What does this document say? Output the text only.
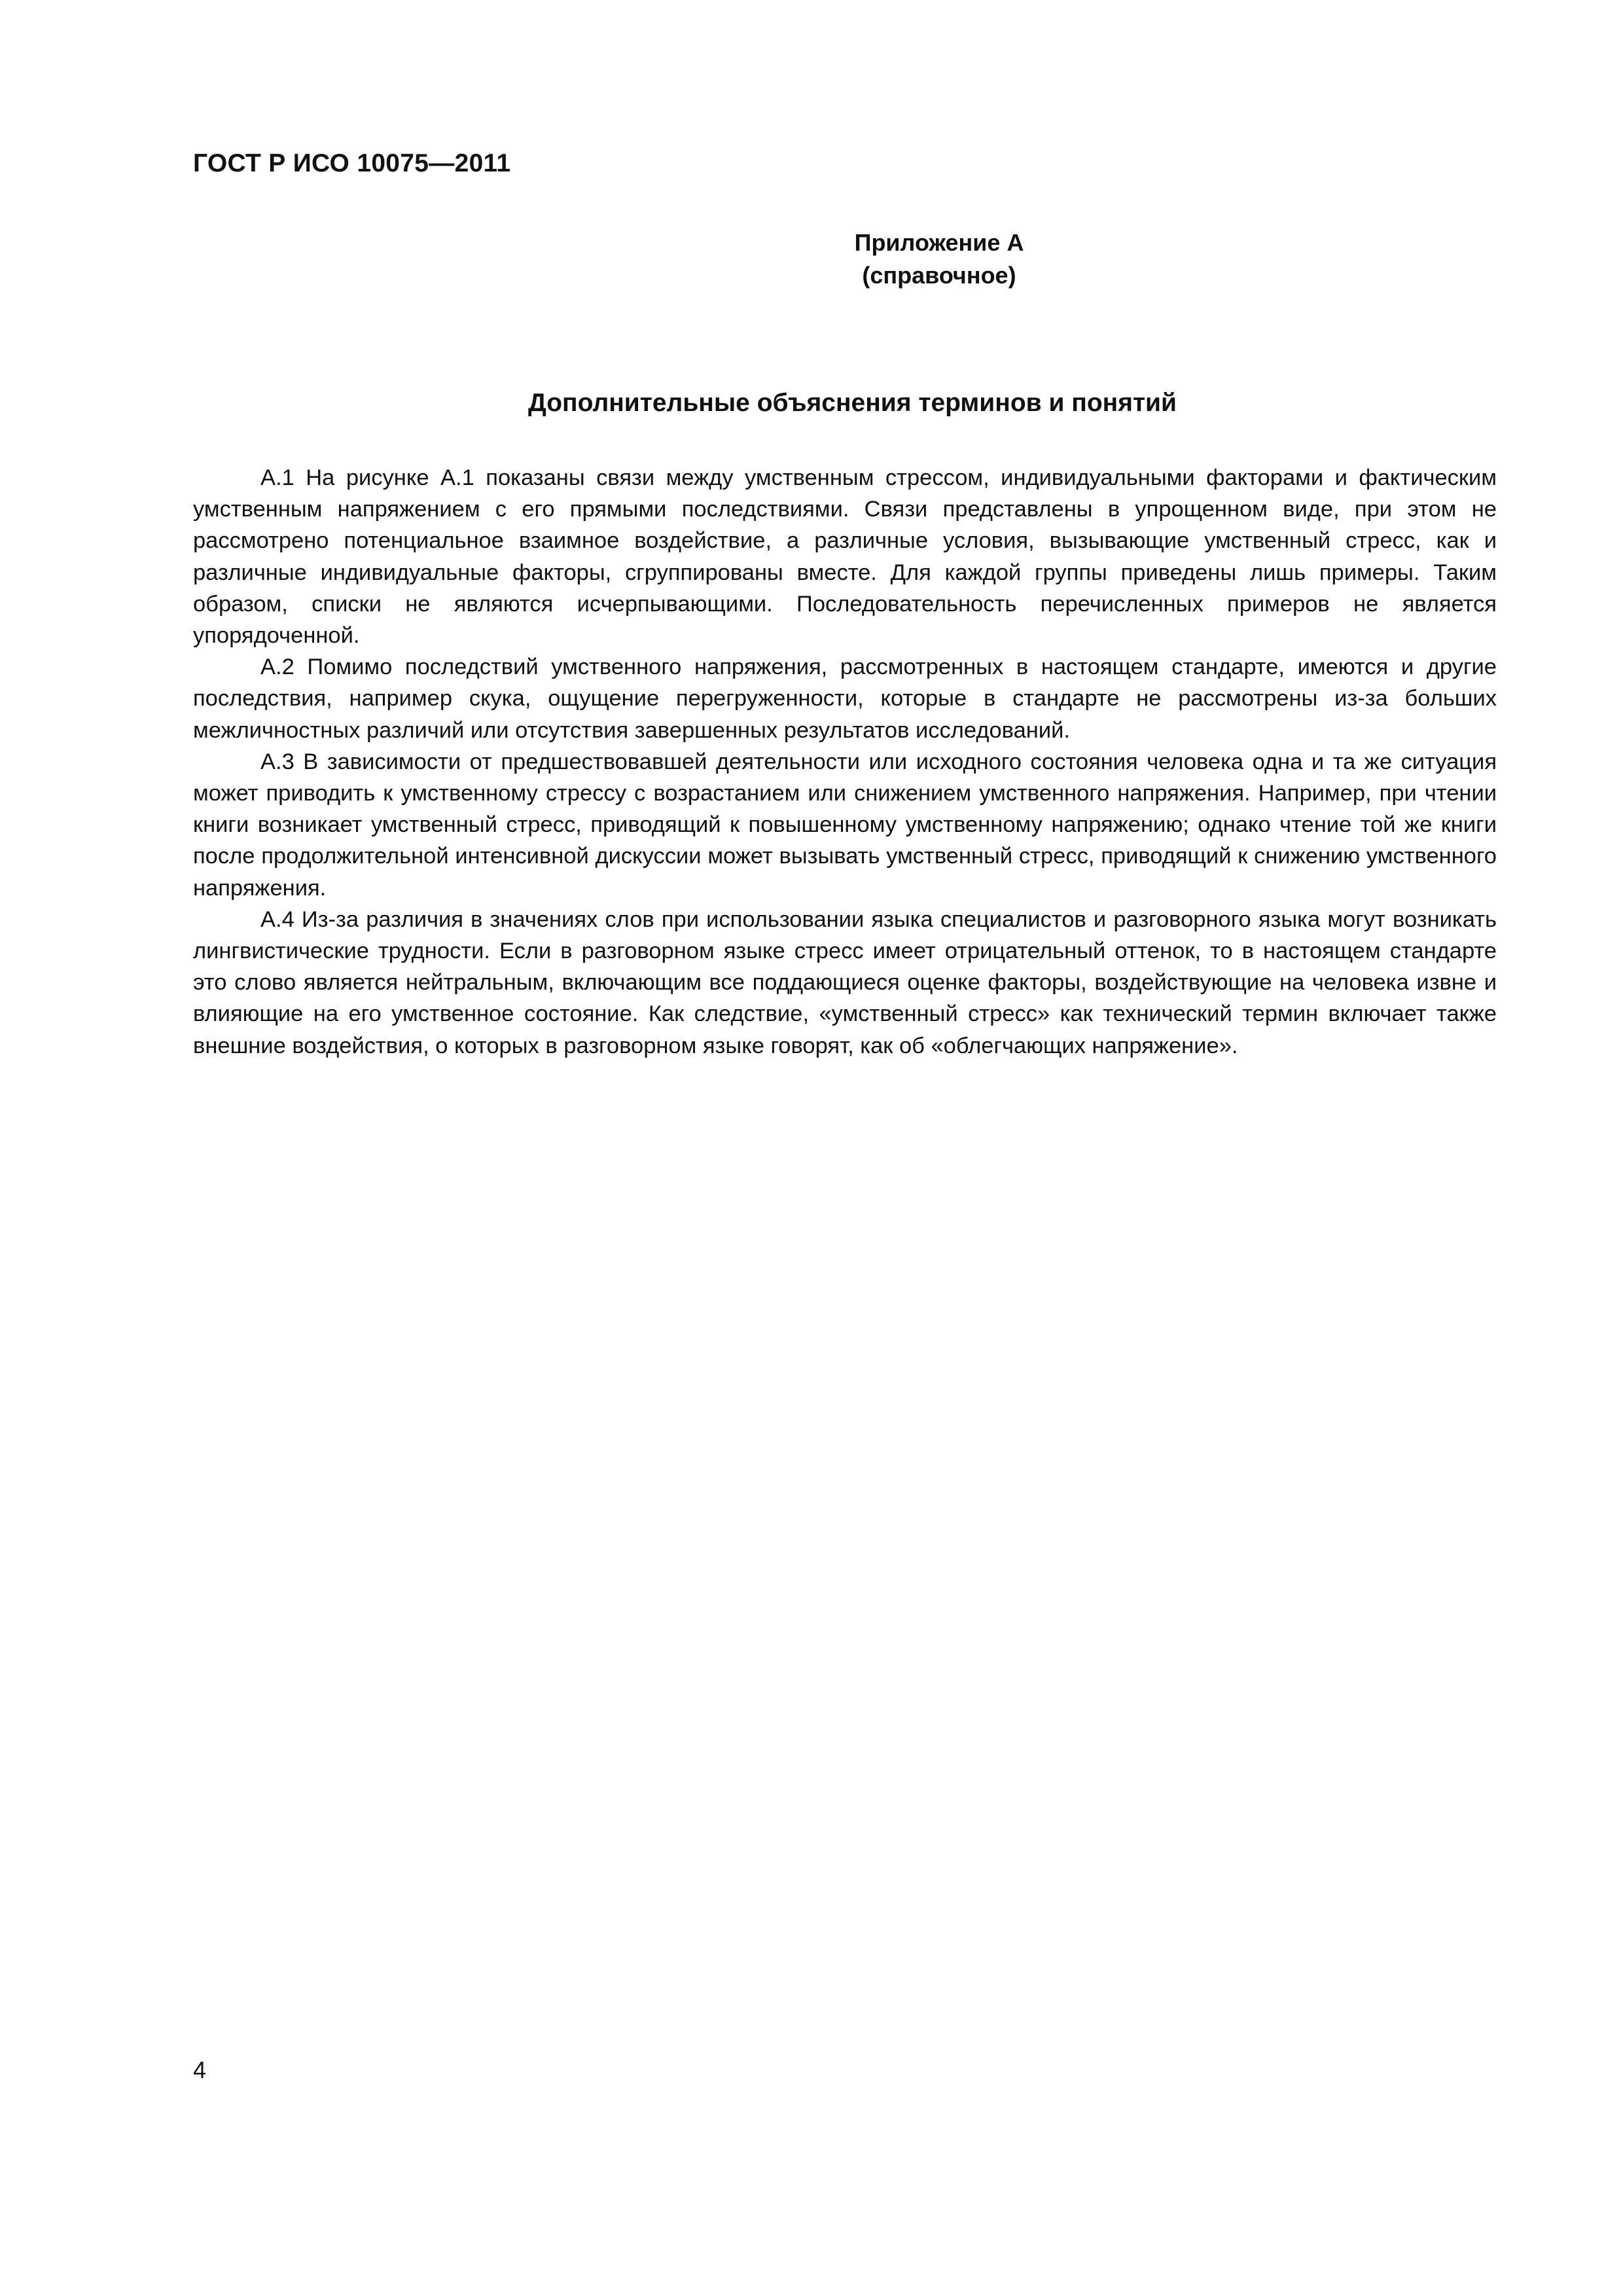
ГОСТ Р ИСО 10075—2011
Приложение А
(справочное)
Дополнительные объяснения терминов и понятий

А.1 На рисунке А.1 показаны связи между умственным стрессом, индивидуальными факторами и фактическим умственным напряжением с его прямыми последствиями. Связи представлены в упрощенном виде, при этом не рассмотрено потенциальное взаимное воздействие, а различные условия, вызывающие умственный стресс, как и различные индивидуальные факторы, сгруппированы вместе. Для каждой группы приведены лишь примеры. Таким образом, списки не являются исчерпывающими. Последовательность перечисленных примеров не является упорядоченной.

А.2 Помимо последствий умственного напряжения, рассмотренных в настоящем стандарте, имеются и другие последствия, например скука, ощущение перегруженности, которые в стандарте не рассмотрены из-за больших межличностных различий или отсутствия завершенных результатов исследований.

А.3 В зависимости от предшествовавшей деятельности или исходного состояния человека одна и та же ситуация может приводить к умственному стрессу с возрастанием или снижением умственного напряжения. Например, при чтении книги возникает умственный стресс, приводящий к повышенному умственному напряжению; однако чтение той же книги после продолжительной интенсивной дискуссии может вызывать умственный стресс, приводящий к снижению умственного напряжения.

А.4 Из-за различия в значениях слов при использовании языка специалистов и разговорного языка могут возникать лингвистические трудности. Если в разговорном языке стресс имеет отрицательный оттенок, то в настоящем стандарте это слово является нейтральным, включающим все поддающиеся оценке факторы, воздействующие на человека извне и влияющие на его умственное состояние. Как следствие, «умственный стресс» как технический термин включает также внешние воздействия, о которых в разговорном языке говорят, как об «облегчающих напряжение».

4
